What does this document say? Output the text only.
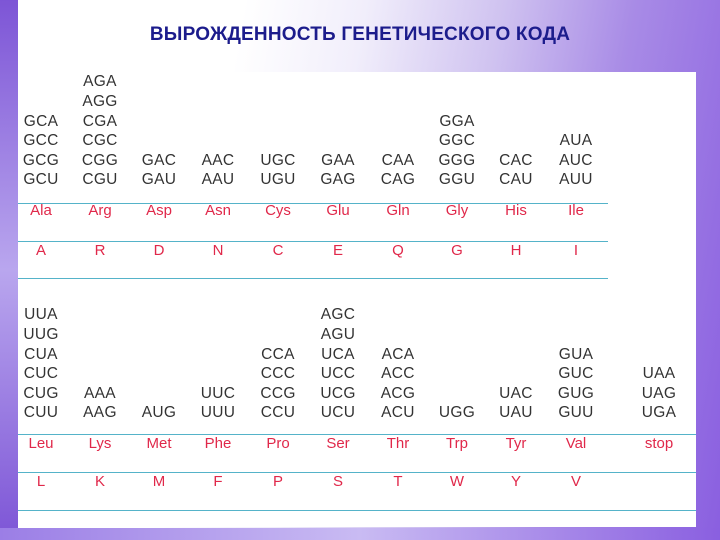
ВЫРОЖДЕННОСТЬ ГЕНЕТИЧЕСКОГО КОДА
GCA
GCC
GCG
GCU
Ala
A
AGA
AGG
CGA
CGC
CGG
CGU
Arg
R
GAC
GAU
Asp
D
AAC
AAU
Asn
N
UGC
UGU
Cys
C
GAA
GAG
Glu
E
CAA
CAG
Gln
Q
GGA
GGC
GGG
GGU
Gly
G
CAC
CAU
His
H
AUA
AUC
AUU
Ile
I
UUA
UUG
CUA
CUC
CUG
CUU
Leu
L
AAA
AAG
Lys
K
AUG
Met
M
UUC
UUU
Phe
F
CCA
CCC
CCG
CCU
Pro
P
AGC
AGU
UCA
UCC
UCG
UCU
Ser
S
ACA
ACC
ACG
ACU
Thr
T
UGG
Trp
W
UAC
UAU
Tyr
Y
GUA
GUC
GUG
GUU
Val
V
UAA
UAG
UGA
stop
